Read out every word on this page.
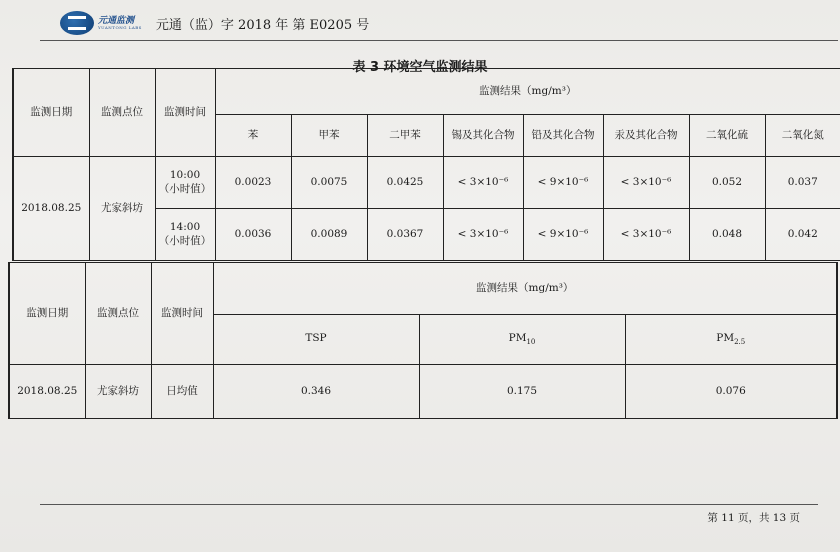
元通监测
YUANTONG LABS 元通（监）字 2018 年 第 E0205 号
表 3 环境空气监测结果
监测日期	监测点位	监测时间	监测结果（mg/m³）							
			苯	甲苯	二甲苯	锡及其化合物	铅及其化合物	汞及其化合物	二氧化硫	二氧化氮
2018.08.25	尤家斜坊	10:00
（小时值）	0.0023	0.0075	0.0425	< 3×10⁻⁶	< 9×10⁻⁶	< 3×10⁻⁶	0.052	0.037
		14:00
（小时值）	0.0036	0.0089	0.0367	< 3×10⁻⁶	< 9×10⁻⁶	< 3×10⁻⁶	0.048	0.042
监测日期	监测点位	监测时间	监测结果（mg/m³）		
			TSP	$PM_{10}$	$PM_{2.5}$
2018.08.25	尤家斜坊	日均值	0.346	0.175	0.076
第 11 页，共 13 页
